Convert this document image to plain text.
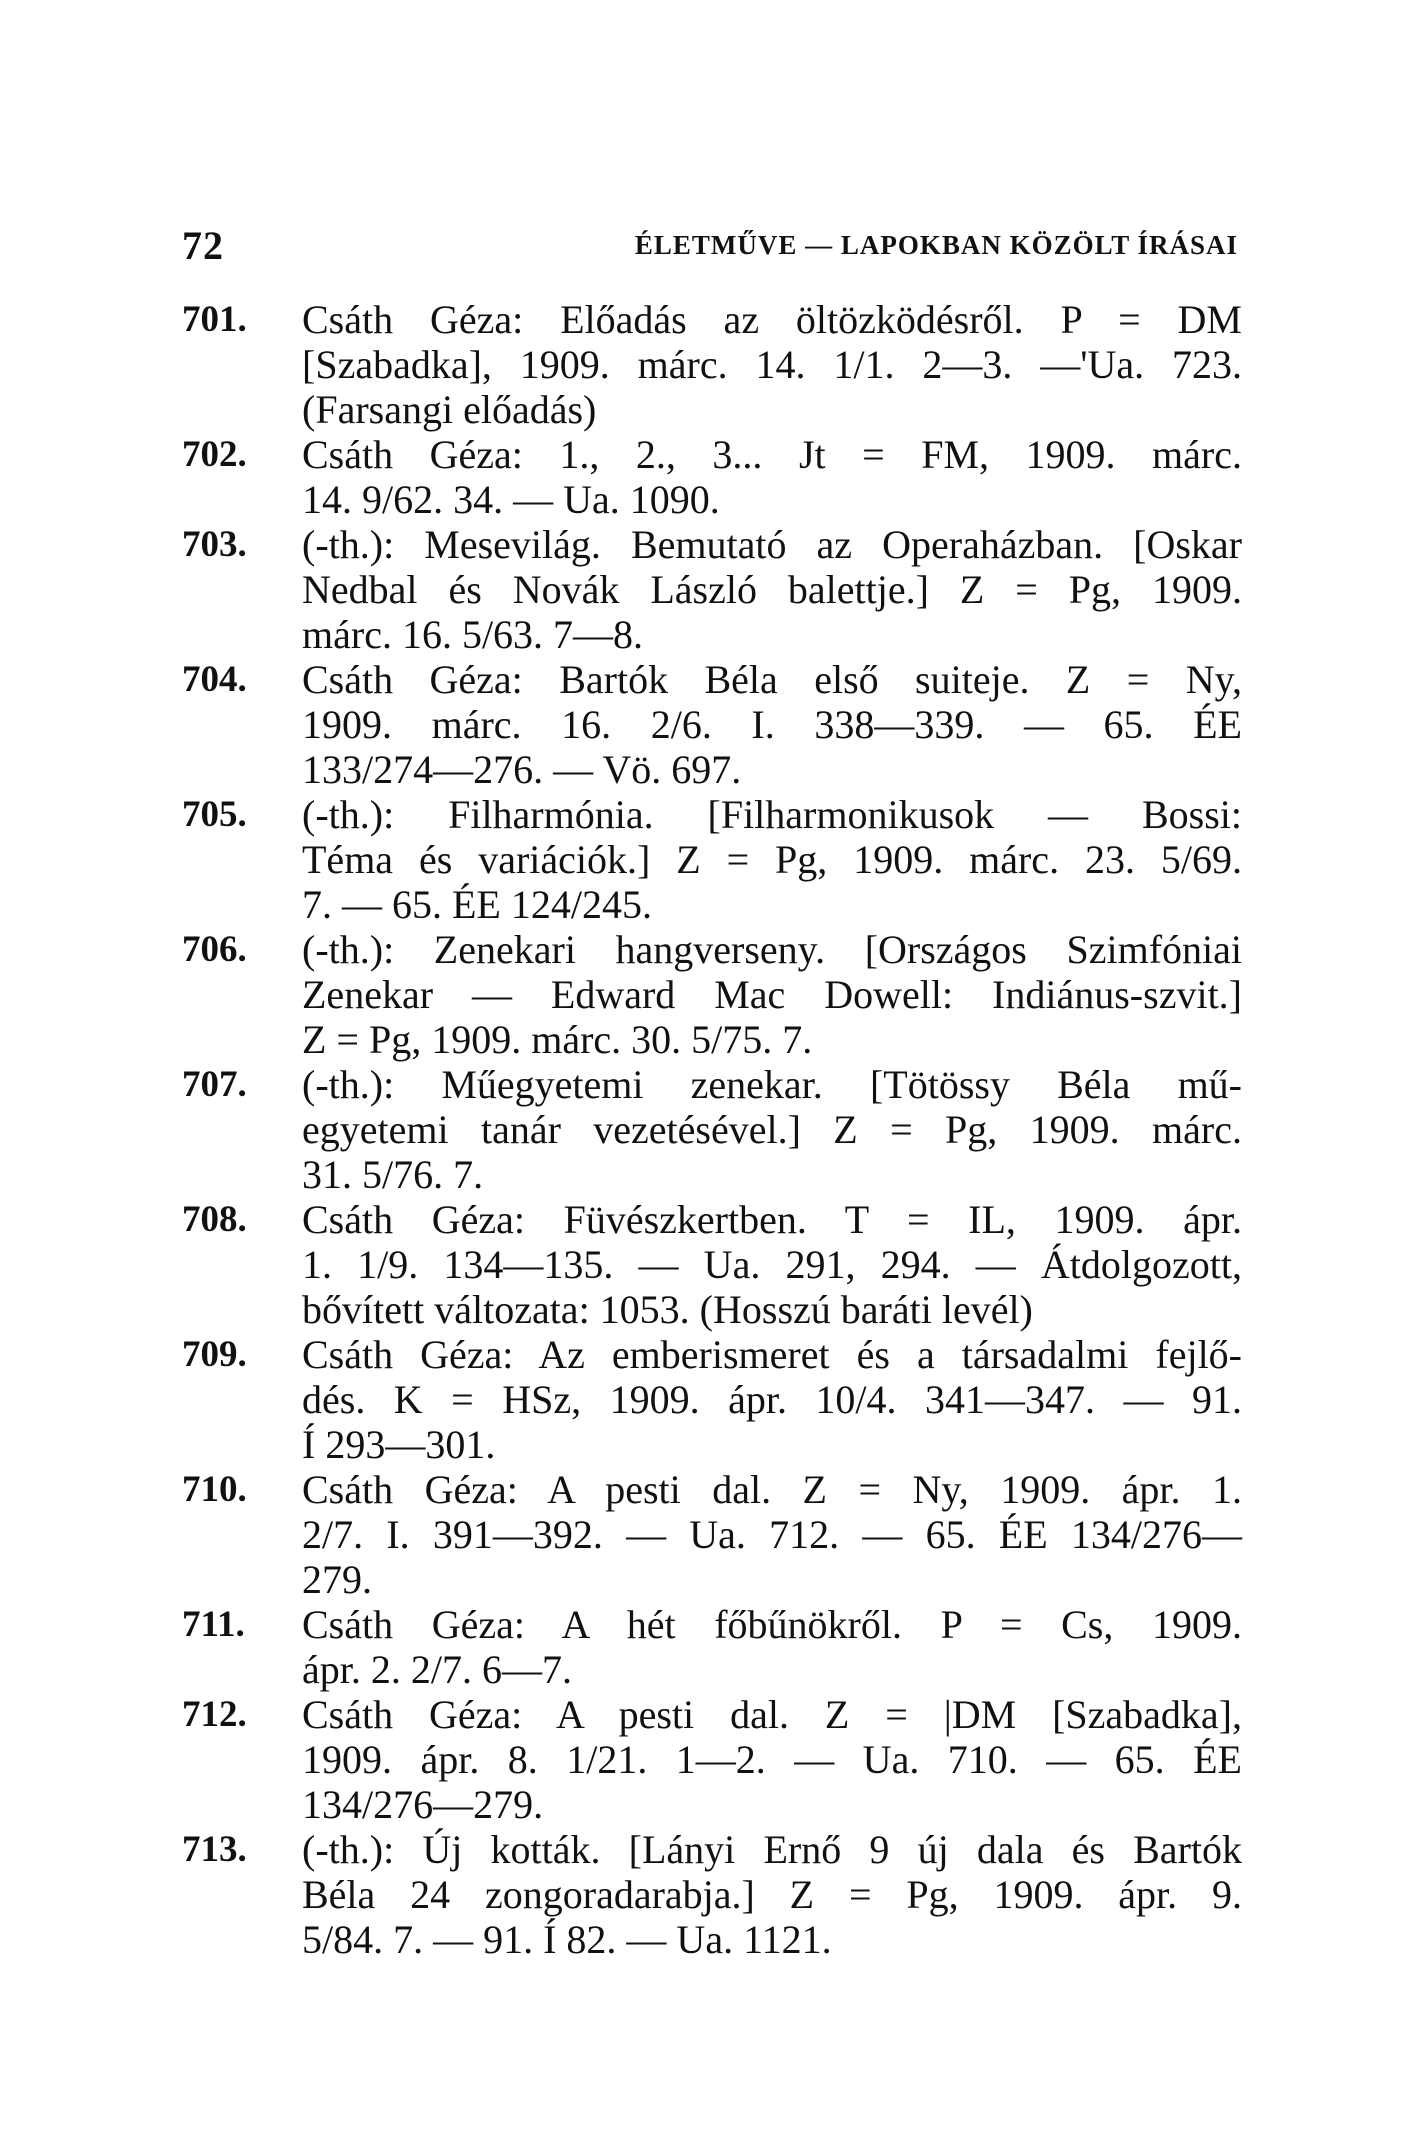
72	ÉLETMŰVE — LAPOKBAN KÖZÖLT ÍRÁSAI
701.	Csáth Géza: Előadás az öltözködésről. P = DM
[Szabadka], 1909. márc. 14. 1/1. 2—3. —'Ua. 723.
(Farsangi előadás)

702.	Csáth Géza: 1., 2., 3... Jt = FM, 1909. márc.
14. 9/62. 34. — Ua. 1090.

703.	(-th.): Mesevilág. Bemutató az Operaházban. [Oskar
Nedbal és Novák László balettje.] Z = Pg, 1909.
márc. 16. 5/63. 7—8.

704.	Csáth Géza: Bartók Béla első suiteje. Z = Ny,
1909. márc. 16. 2/6. I. 338—339. — 65. ÉE
133/274—276. — Vö. 697.

705.	(-th.): Filharmónia. [Filharmonikusok — Bossi:
Téma és variációk.] Z = Pg, 1909. márc. 23. 5/69.
7. — 65. ÉE 124/245.

706.	(-th.): Zenekari hangverseny. [Országos Szimfóniai
Zenekar — Edward Mac Dowell: Indiánus-szvit.]
Z = Pg, 1909. márc. 30. 5/75. 7.

707.	(-th.): Műegyetemi zenekar. [Tötössy Béla mű-
egyetemi tanár vezetésével.] Z = Pg, 1909. márc.
31. 5/76. 7.

708.	Csáth Géza: Füvészkertben. T = IL, 1909. ápr.
1. 1/9. 134—135. — Ua. 291, 294. — Átdolgozott,
bővített változata: 1053. (Hosszú baráti levél)

709.	Csáth Géza: Az emberismeret és a társadalmi fejlő-
dés. K = HSz, 1909. ápr. 10/4. 341—347. — 91.
Í 293—301.

710.	Csáth Géza: A pesti dal. Z = Ny, 1909. ápr. 1.
2/7. I. 391—392. — Ua. 712. — 65. ÉE 134/276—
279.

711.	Csáth Géza: A hét főbűnökről. P = Cs, 1909.
ápr. 2. 2/7. 6—7.

712.	Csáth Géza: A pesti dal. Z = |DM [Szabadka],
1909. ápr. 8. 1/21. 1—2. — Ua. 710. — 65. ÉE
134/276—279.

713.	(-th.): Új kották. [Lányi Ernő 9 új dala és Bartók
Béla 24 zongoradarabja.] Z = Pg, 1909. ápr. 9.
5/84. 7. — 91. Í 82. — Ua. 1121.
